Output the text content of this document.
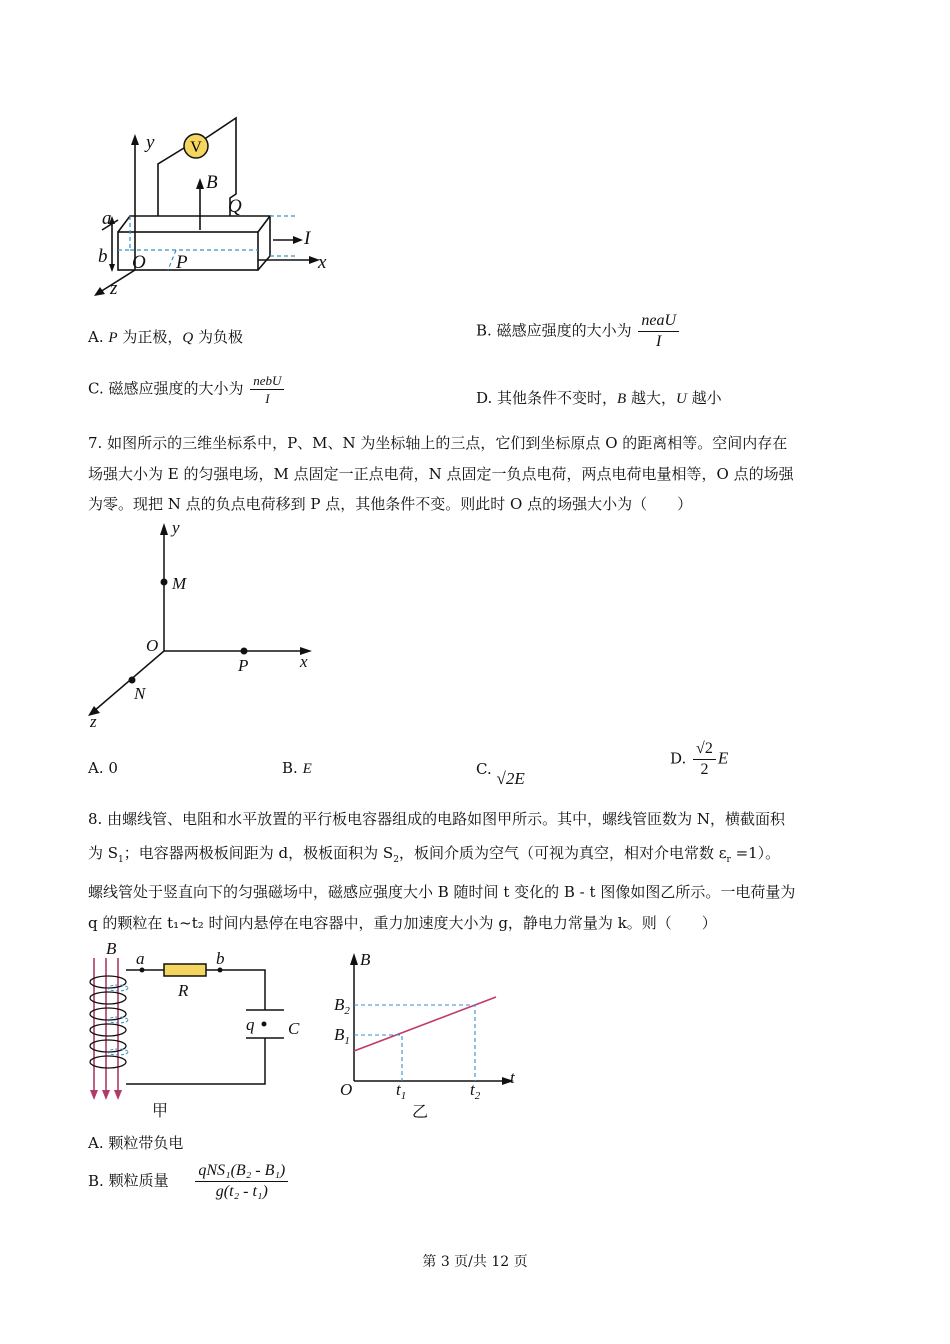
V
y
B
Q
a
b O P
I
x
z
A. P 为正极，Q 为负极	B. 磁感应强度的大小为 $\frac{\text{neaU}}{I}$
C. 磁感应强度的大小为 $\frac{\text{nebU}}{I}$	D. 其他条件不变时，B 越大，U 越小
7. 如图所示的三维坐标系中，P、M、N 为坐标轴上的三点，它们到坐标原点 O 的距离相等。空间内存在
场强大小为 E 的匀强电场，M 点固定一正点电荷，N 点固定一负点电荷，两点电荷电量相等，O 点的场强
为零。现把 N 点的负点电荷移到 P 点，其他条件不变。则此时 O 点的场强大小为（　　）
y
M
O
P	x
N
z
A. 0	B. E	C. √2E
D. $\frac{√2}{2}$ E
8. 由螺线管、电阻和水平放置的平行板电容器组成的电路如图甲所示。其中，螺线管匝数为 N，横截面积
为 $S_1$；电容器两极板间距为 d，极板面积为 $S_2$，板间介质为空气（可视为真空，相对介电常数 $\varepsilon_r =1$）。
螺线管处于竖直向下的匀强磁场中，磁感应强度大小 B 随时间 t 变化的 B - t 图像如图乙所示。一电荷量为
q 的颗粒在 t₁~t₂ 时间内悬停在电容器中，重力加速度大小为 g，静电力常量为 k。则（　　）
B
a	b
R
q C
甲
B
$B_2$
$B_1$
O	$t_1$	$t_2$
t
乙
A. 颗粒带负电
B. 颗粒质量 $\frac{\text{qNS₁(B₂ - B₁)}}{\text{g(t₂ - t₁)}}$
第 3 页/共 12 页
